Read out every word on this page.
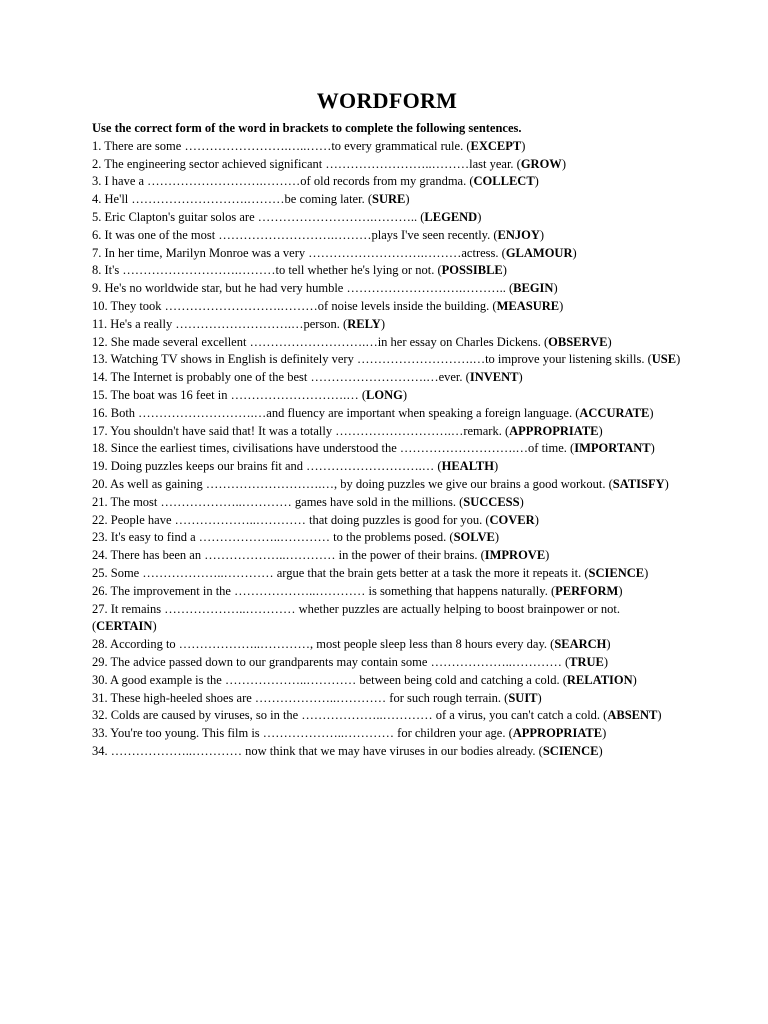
WORDFORM
Use the correct form of the word in brackets to complete the following sentences.
1. There are some …………………….…..……to every grammatical rule. (EXCEPT)
2. The engineering sector achieved significant ……………………..………last year. (GROW)
3. I have a ……………………….………of old records from my grandma. (COLLECT)
4. He'll ……………………….………be coming later. (SURE)
5. Eric Clapton's guitar solos are ……………………….……….. (LEGEND)
6. It was one of the most ……………………….………plays I've seen recently. (ENJOY)
7. In her time, Marilyn Monroe was a very ……………………….………actress. (GLAMOUR)
8. It's ……………………….………to tell whether he's lying or not. (POSSIBLE)
9. He's no worldwide star, but he had very humble ……………………….……….. (BEGIN)
10. They took ……………………….………of noise levels inside the building. (MEASURE)
11. He's a really ……………………….…person. (RELY)
12. She made several excellent ……………………….…in her essay on Charles Dickens. (OBSERVE)
13. Watching TV shows in English is definitely very ……………………….…to improve your listening skills. (USE)
14. The Internet is probably one of the best ……………………….…ever. (INVENT)
15. The boat was 16 feet in ……………………….… (LONG)
16. Both ……………………….…and fluency are important when speaking a foreign language. (ACCURATE)
17. You shouldn't have said that! It was a totally ……………………….…remark. (APPROPRIATE)
18. Since the earliest times, civilisations have understood the ……………………….…of time. (IMPORTANT)
19. Doing puzzles keeps our brains fit and ……………………….… (HEALTH)
20. As well as gaining ……………………….…, by doing puzzles we give our brains a good workout. (SATISFY)
21. The most ………………..………… games have sold in the millions. (SUCCESS)
22. People have ………………..………… that doing puzzles is good for you. (COVER)
23. It's easy to find a ………………..………… to the problems posed. (SOLVE)
24. There has been an ………………..………… in the power of their brains. (IMPROVE)
25. Some ………………..………… argue that the brain gets better at a task the more it repeats it. (SCIENCE)
26. The improvement in the ………………..………… is something that happens naturally. (PERFORM)
27. It remains ………………..………… whether puzzles are actually helping to boost brainpower or not. (CERTAIN)
28. According to ………………..…………, most people sleep less than 8 hours every day. (SEARCH)
29. The advice passed down to our grandparents may contain some ………………..………… (TRUE)
30. A good example is the ………………..………… between being cold and catching a cold. (RELATION)
31. These high-heeled shoes are ………………..………… for such rough terrain. (SUIT)
32. Colds are caused by viruses, so in the ………………..………… of a virus, you can't catch a cold. (ABSENT)
33. You're too young. This film is ………………..………… for children your age. (APPROPRIATE)
34. ………………..………… now think that we may have viruses in our bodies already. (SCIENCE)
